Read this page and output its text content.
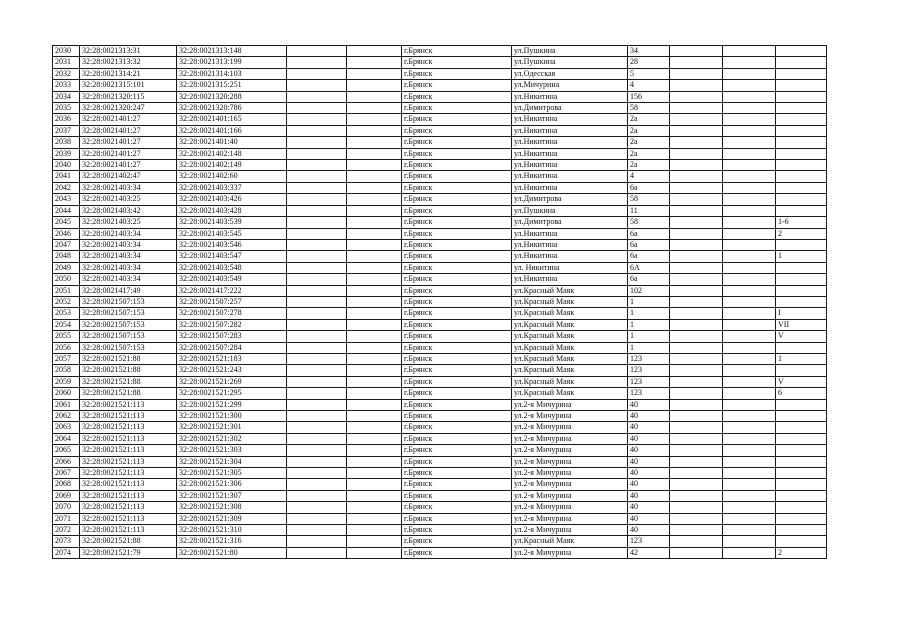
2030	32:28:0021313:31	32:28:0021313:148			г.Брянск	ул.Пушкина	34			
2031	32:28:0021313:32	32:28:0021313:199			г.Брянск	ул.Пушкина	28			
2032	32:28:0021314:21	32:28:0021314:103			г.Брянск	ул.Одесская	5			
2033	32:28:0021315:101	32:28:0021315:251			г.Брянск	ул.Мичурина	4			
2034	32:28:0021320:115	32:28:0021320:288			г.Брянск	ул.Никитина	156			
2035	32:28:0021320:247	32:28:0021320:786			г.Брянск	ул.Димитрова	58			
2036	32:28:0021401:27	32:28:0021401:165			г.Брянск	ул.Никитина	2а			
2037	32:28:0021401:27	32:28:0021401:166			г.Брянск	ул.Никитина	2а			
2038	32:28:0021401:27	32:28:0021401:40			г.Брянск	ул.Никитина	2а			
2039	32:28:0021401:27	32:28:0021402:148			г.Брянск	ул.Никитина	2а			
2040	32:28:0021401:27	32:28:0021402:149			г.Брянск	ул.Никитина	2а			
2041	32:28:0021402:47	32:28:0021402:60			г.Брянск	ул.Никитина	4			
2042	32:28:0021403:34	32:28:0021403:337			г.Брянск	ул.Никитина	6а			
2043	32:28:0021403:25	32:28:0021403:426			г.Брянск	ул.Димитрова	58			
2044	32:28:0021403:42	32:28:0021403:428			г.Брянск	ул.Пушкина	11			
2045	32:28:0021403:25	32:28:0021403:539			г.Брянск	ул.Димитрова	58			1-6
2046	32:28:0021403:34	32:28:0021403:545			г.Брянск	ул.Никитина	6а			2
2047	32:28:0021403:34	32:28:0021403:546			г.Брянск	ул.Никитина	6а			
2048	32:28:0021403:34	32:28:0021403:547			г.Брянск	ул.Никитина	6а			1
2049	32:28:0021403:34	32:28:0021403:548			г.Брянск	ул. Никитина	6А			
2050	32:28:0021403:34	32:28:0021403:549			г.Брянск	ул.Никитина	6а			
2051	32:28:0021417:49	32:28:0021417:222			г.Брянск	ул.Красный Маяк	102			
2052	32:28:0021507:153	32:28:0021507:257			г.Брянск	ул.Красный Маяк	1			
2053	32:28:0021507:153	32:28:0021507:278			г.Брянск	ул.Красный Маяк	1			I
2054	32:28:0021507:153	32:28:0021507:282			г.Брянск	ул.Красный Маяк	1			VII
2055	32:28:0021507:153	32:28:0021507:283			г.Брянск	ул.Красный Маяк	1			V
2056	32:28:0021507:153	32:28:0021507:284			г.Брянск	ул.Красный Маяк	1			
2057	32:28:0021521:88	32:28:0021521:183			г.Брянск	ул.Красный Маяк	123			1
2058	32:28:0021521:88	32:28:0021521:243			г.Брянск	ул.Красный Маяк	123			
2059	32:28:0021521:88	32:28:0021521:269			г.Брянск	ул.Красный Маяк	123			V
2060	32:28:0021521:88	32:28:0021521:295			г.Брянск	ул.Красный Маяк	123			6
2061	32:28:0021521:113	32:28:0021521:299			г.Брянск	ул.2-я Мичурина	40			
2062	32:28:0021521:113	32:28:0021521:300			г.Брянск	ул.2-я Мичурина	40			
2063	32:28:0021521:113	32:28:0021521:301			г.Брянск	ул.2-я Мичурина	40			
2064	32:28:0021521:113	32:28:0021521:302			г.Брянск	ул.2-я Мичурина	40			
2065	32:28:0021521:113	32:28:0021521:303			г.Брянск	ул.2-я Мичурина	40			
2066	32:28:0021521:113	32:28:0021521:304			г.Брянск	ул.2-я Мичурина	40			
2067	32:28:0021521:113	32:28:0021521:305			г.Брянск	ул.2-я Мичурина	40			
2068	32:28:0021521:113	32:28:0021521:306			г.Брянск	ул.2-я Мичурина	40			
2069	32:28:0021521:113	32:28:0021521:307			г.Брянск	ул.2-я Мичурина	40			
2070	32:28:0021521:113	32:28:0021521:308			г.Брянск	ул.2-я Мичурина	40			
2071	32:28:0021521:113	32:28:0021521:309			г.Брянск	ул.2-я Мичурина	40			
2072	32:28:0021521:113	32:28:0021521:310			г.Брянск	ул.2-я Мичурина	40			
2073	32:28:0021521:88	32:28:0021521:316			г.Брянск	ул.Красный Маяк	123			
2074	32:28:0021521:79	32:28:0021521:80			г.Брянск	ул.2-я Мичурина	42			2
